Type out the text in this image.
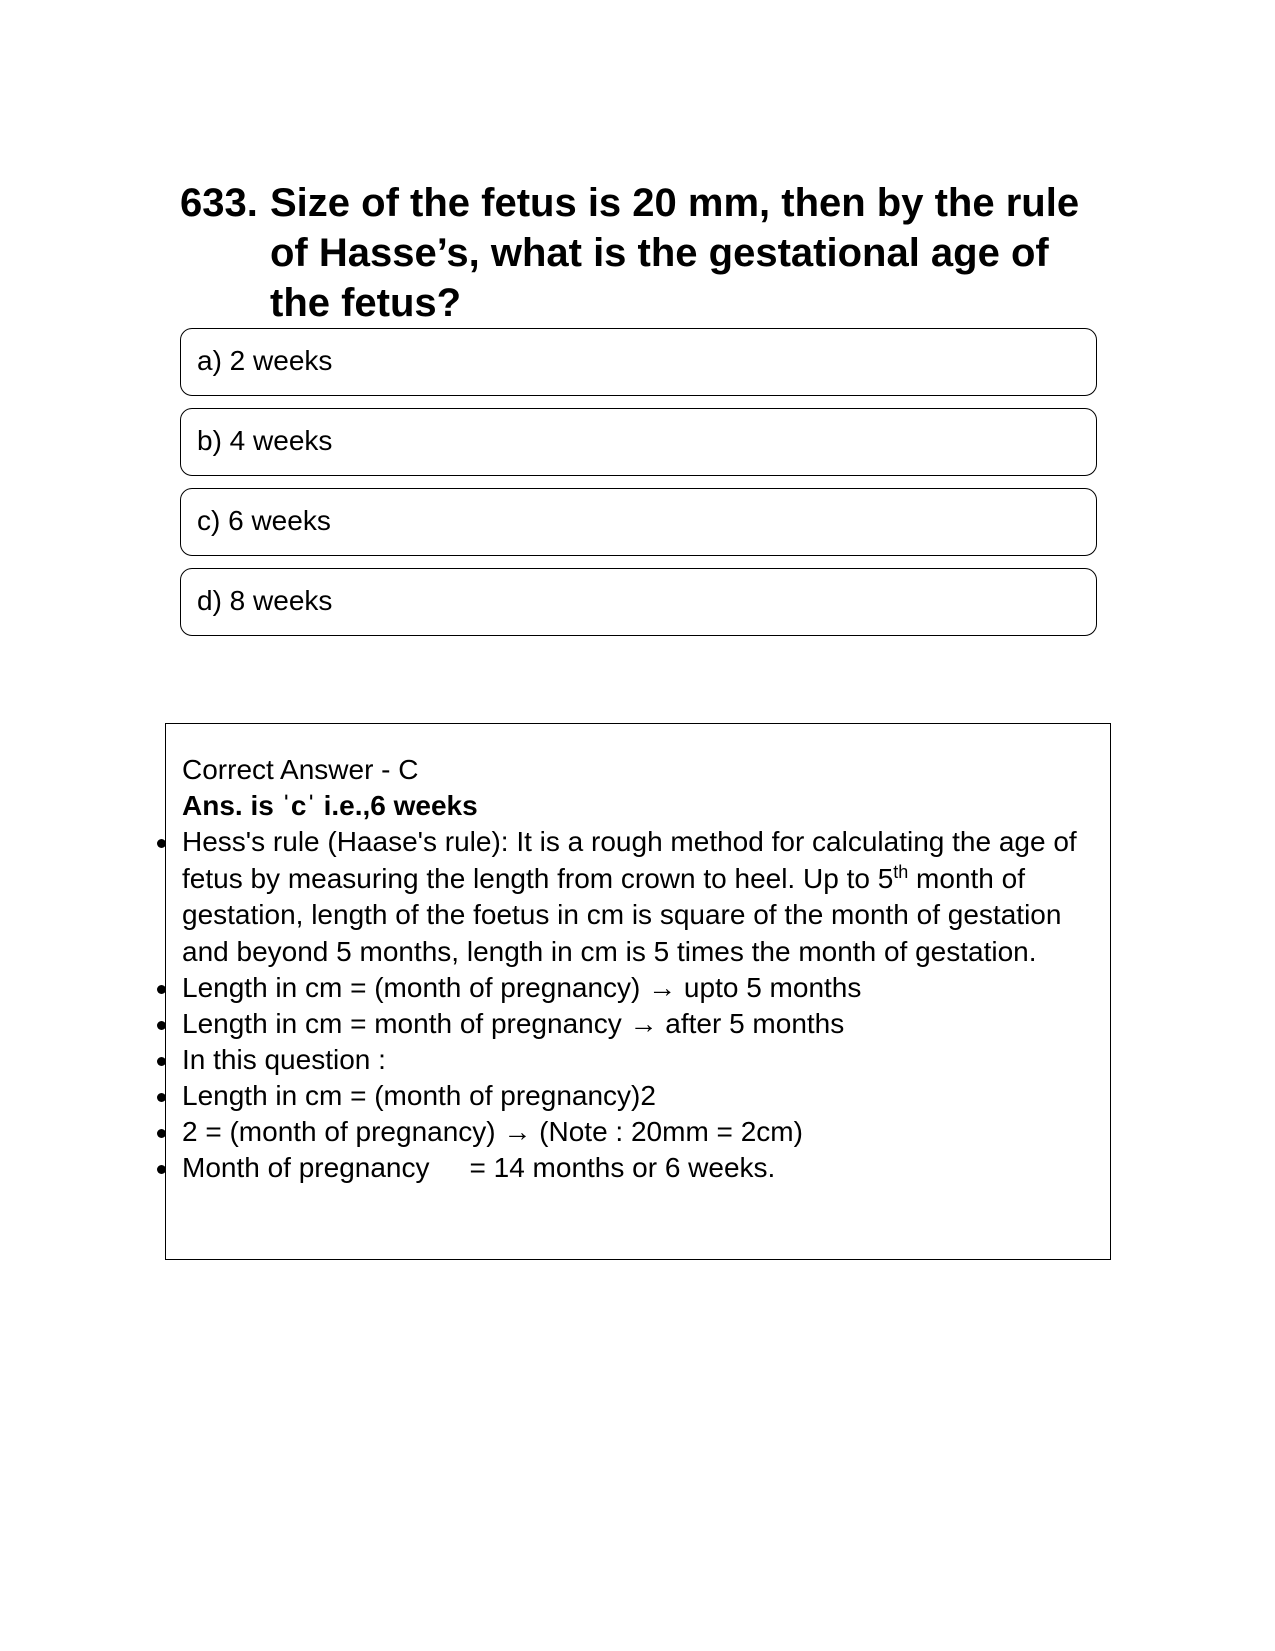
633. Size of the fetus is 20 mm, then by the rule of Hasse’s, what is the gestational age of the fetus?
a) 2 weeks
b) 4 weeks
c) 6 weeks
d) 8 weeks

Correct Answer - C

Ans. is ˈcˈ i.e.,6 weeks

Hess's rule (Haase's rule): It is a rough method for calculating the age of fetus by measuring the length from crown to heel. Up to 5th month of gestation, length of the foetus in cm is square of the month of gestation and beyond 5 months, length in cm is 5 times the month of gestation.
Length in cm = (month of pregnancy) → upto 5 months
Length in cm = month of pregnancy → after 5 months
In this question :
Length in cm = (month of pregnancy)2
2 = (month of pregnancy) → (Note : 20mm = 2cm)
Month of pregnancy = 14 months or 6 weeks.
